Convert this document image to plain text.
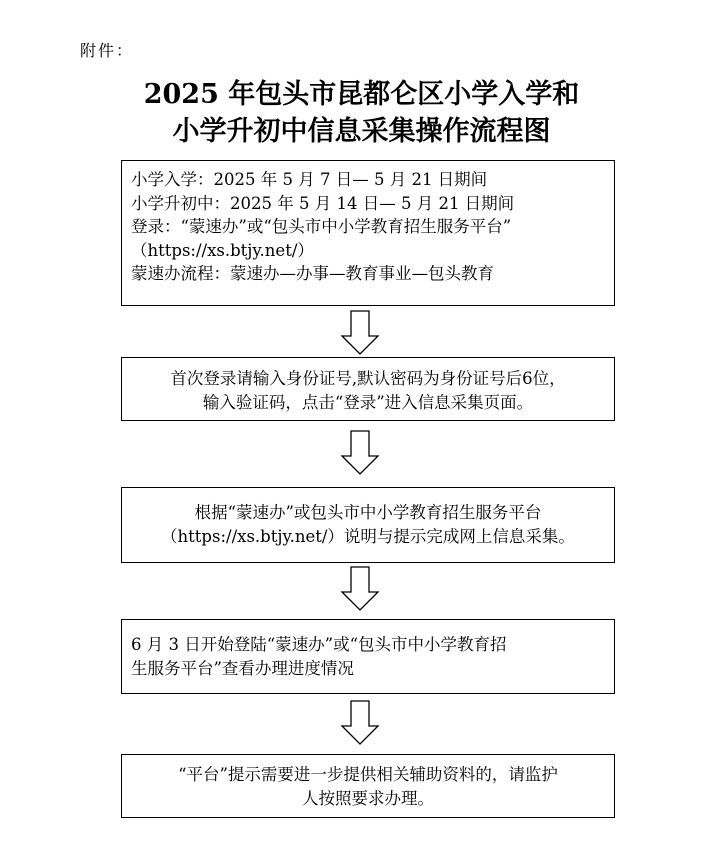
附件：
2025 年包头市昆都仑区小学入学和
小学升初中信息采集操作流程图
小学入学：2025 年 5 月 7 日— 5 月 21 日期间
小学升初中：2025 年 5 月 14 日— 5 月 21 日期间
登录：“蒙速办”或“包头市中小学教育招生服务平台”
（https://xs.btjy.net/）
蒙速办流程：蒙速办—办事—教育事业—包头教育
首次登录请输入身份证号,默认密码为身份证号后6位，
输入验证码，点击“登录”进入信息采集页面。
根据“蒙速办”或包头市中小学教育招生服务平台
（https://xs.btjy.net/）说明与提示完成网上信息采集。
6 月 3 日开始登陆“蒙速办”或“包头市中小学教育招
生服务平台”查看办理进度情况
“平台”提示需要进一步提供相关辅助资料的，请监护
人按照要求办理。
